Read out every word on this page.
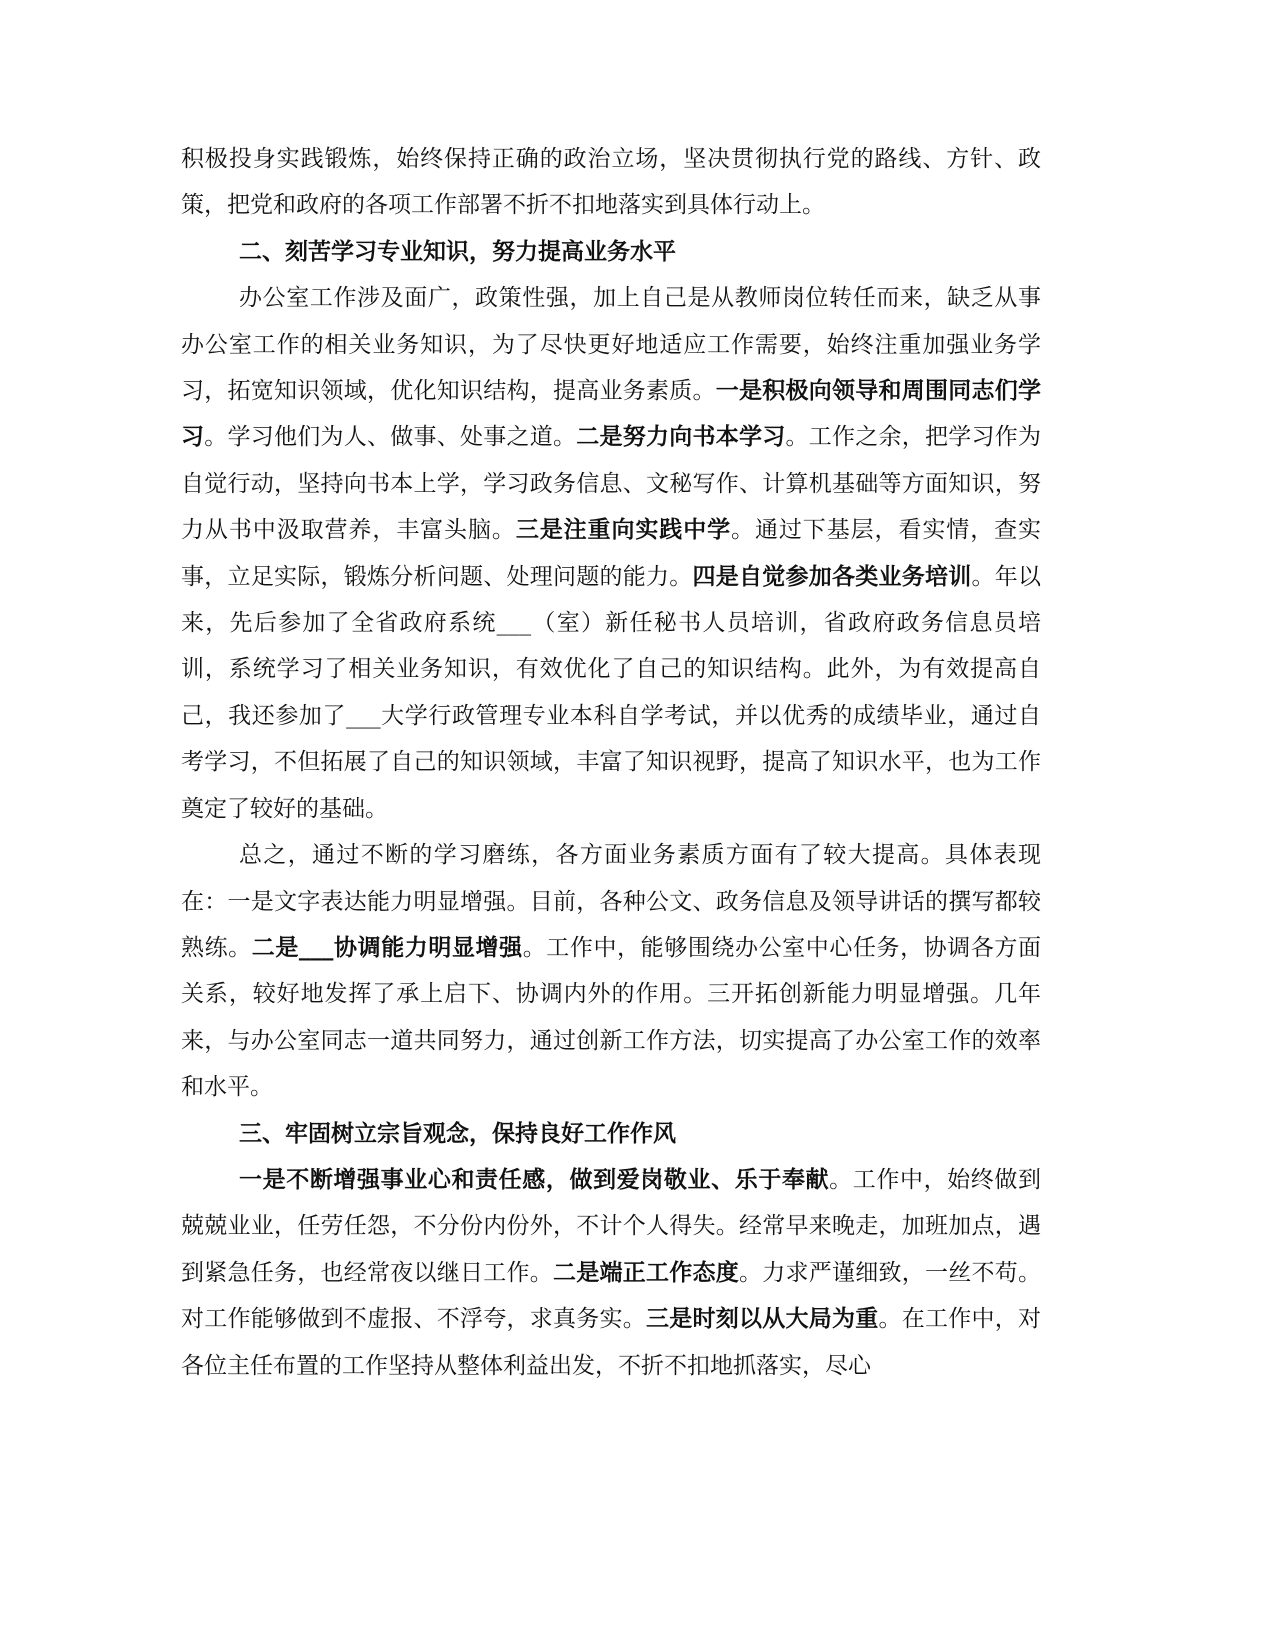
积极投身实践锻炼，始终保持正确的政治立场，坚决贯彻执行党的路线、方针、政策，把党和政府的各项工作部署不折不扣地落实到具体行动上。

二、刻苦学习专业知识，努力提高业务水平

办公室工作涉及面广，政策性强，加上自己是从教师岗位转任而来，缺乏从事办公室工作的相关业务知识，为了尽快更好地适应工作需要，始终注重加强业务学习，拓宽知识领域，优化知识结构，提高业务素质。一是积极向领导和周围同志们学习。学习他们为人、做事、处事之道。二是努力向书本学习。工作之余，把学习作为自觉行动，坚持向书本上学，学习政务信息、文秘写作、计算机基础等方面知识，努力从书中汲取营养，丰富头脑。三是注重向实践中学。通过下基层，看实情，查实事，立足实际，锻炼分析问题、处理问题的能力。四是自觉参加各类业务培训。年以来，先后参加了全省政府系统___（室）新任秘书人员培训，省政府政务信息员培训，系统学习了相关业务知识，有效优化了自己的知识结构。此外，为有效提高自己，我还参加了___大学行政管理专业本科自学考试，并以优秀的成绩毕业，通过自考学习，不但拓展了自己的知识领域，丰富了知识视野，提高了知识水平，也为工作奠定了较好的基础。

总之，通过不断的学习磨练，各方面业务素质方面有了较大提高。具体表现在：一是文字表达能力明显增强。目前，各种公文、政务信息及领导讲话的撰写都较熟练。二是___协调能力明显增强。工作中，能够围绕办公室中心任务，协调各方面关系，较好地发挥了承上启下、协调内外的作用。三开拓创新能力明显增强。几年来，与办公室同志一道共同努力，通过创新工作方法，切实提高了办公室工作的效率和水平。

三、牢固树立宗旨观念，保持良好工作作风

一是不断增强事业心和责任感，做到爱岗敬业、乐于奉献。工作中，始终做到兢兢业业，任劳任怨，不分份内份外，不计个人得失。经常早来晚走，加班加点，遇到紧急任务，也经常夜以继日工作。二是端正工作态度。力求严谨细致，一丝不苟。对工作能够做到不虚报、不浮夸，求真务实。三是时刻以从大局为重。在工作中，对各位主任布置的工作坚持从整体利益出发，不折不扣地抓落实，尽心
